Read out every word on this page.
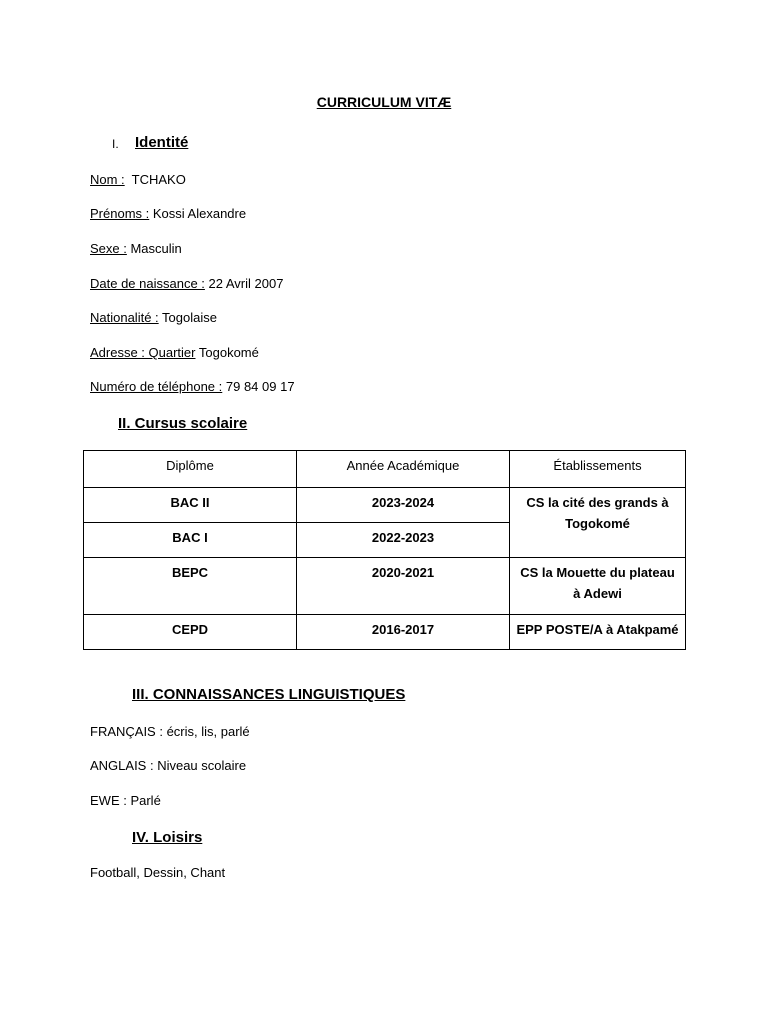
CURRICULUM VITÆ
I. Identité
Nom :  TCHAKO
Prénoms : Kossi Alexandre
Sexe : Masculin
Date de naissance : 22 Avril 2007
Nationalité : Togolaise
Adresse : Quartier Togokomé
Numéro de téléphone : 79 84 09 17
II. Cursus scolaire
Diplôme	Année Académique	Établissements
BAC II	2023-2024	CS la cité des grands à Togokomé
BAC I	2022-2023	
BEPC	2020-2021	CS la Mouette du plateau à Adewi
CEPD	2016-2017	EPP POSTE/A à Atakpamé
III. CONNAISSANCES LINGUISTIQUES
FRANÇAIS : écris, lis, parlé
ANGLAIS : Niveau scolaire
EWE : Parlé
IV. Loisirs
Football, Dessin, Chant
